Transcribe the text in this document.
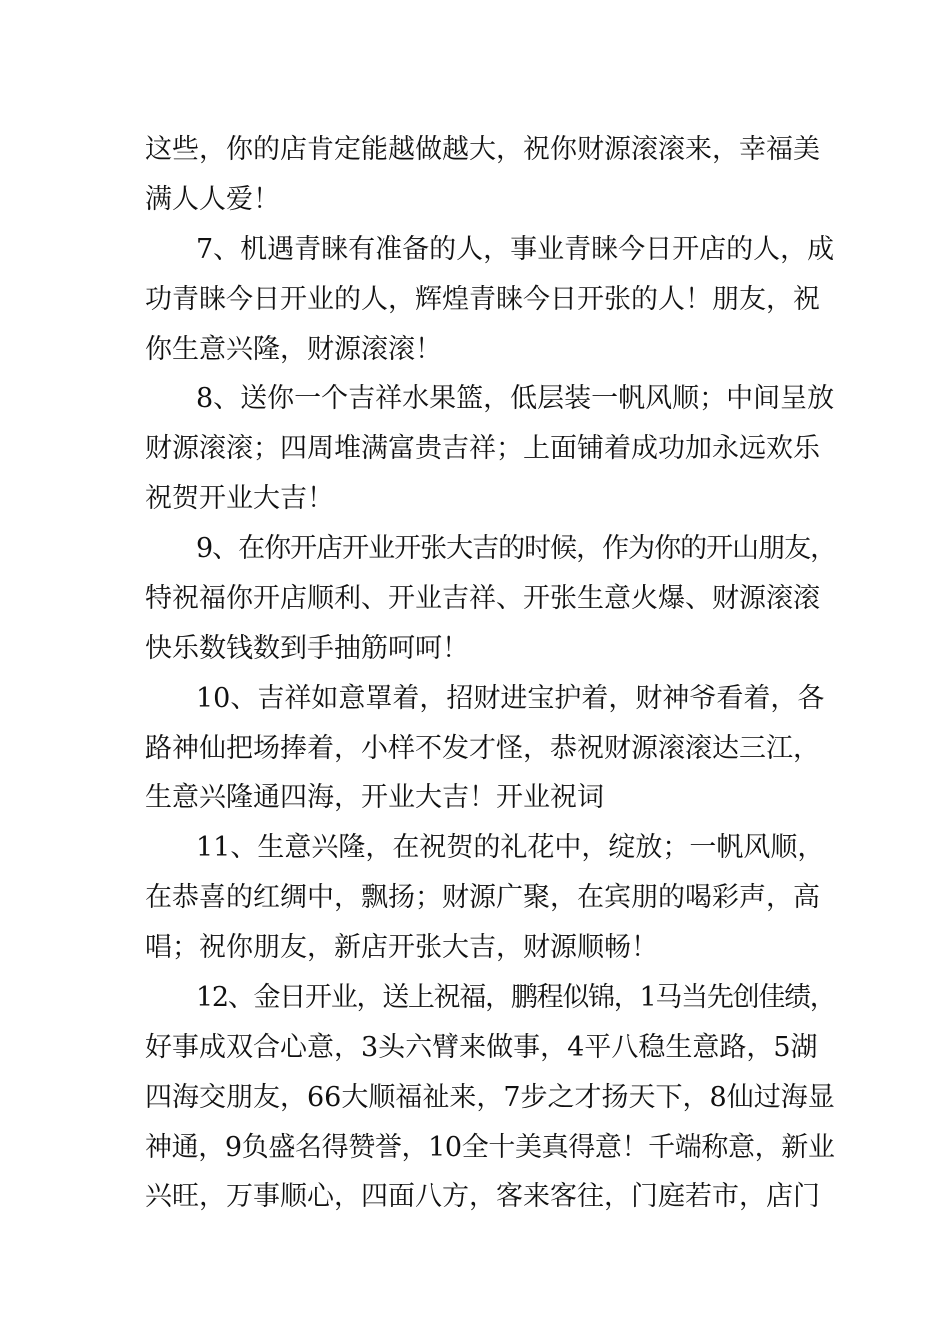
这些，你的店肯定能越做越大，祝你财源滚滚来，幸福美
满人人爱！
7、机遇青睐有准备的人，事业青睐今日开店的人，成
功青睐今日开业的人，辉煌青睐今日开张的人！朋友，祝
你生意兴隆，财源滚滚！
8、送你一个吉祥水果篮，低层装一帆风顺；中间呈放
财源滚滚；四周堆满富贵吉祥；上面铺着成功加永远欢乐
祝贺开业大吉！
9、在你开店开业开张大吉的时候，作为你的开山朋友，
特祝福你开店顺利、开业吉祥、开张生意火爆、财源滚滚
快乐数钱数到手抽筋呵呵！
10、吉祥如意罩着，招财进宝护着，财神爷看着，各
路神仙把场捧着，小样不发才怪，恭祝财源滚滚达三江，
生意兴隆通四海，开业大吉！开业祝词
11、生意兴隆，在祝贺的礼花中，绽放；一帆风顺，
在恭喜的红绸中，飘扬；财源广聚，在宾朋的喝彩声，高
唱；祝你朋友，新店开张大吉，财源顺畅！
12、金日开业，送上祝福，鹏程似锦，1马当先创佳绩，
好事成双合心意，3头六臂来做事，4平八稳生意路，5湖
四海交朋友，66大顺福祉来，7步之才扬天下，8仙过海显
神通，9负盛名得赞誉，10全十美真得意！千端称意，新业
兴旺，万事顺心，四面八方，客来客往，门庭若市，店门
